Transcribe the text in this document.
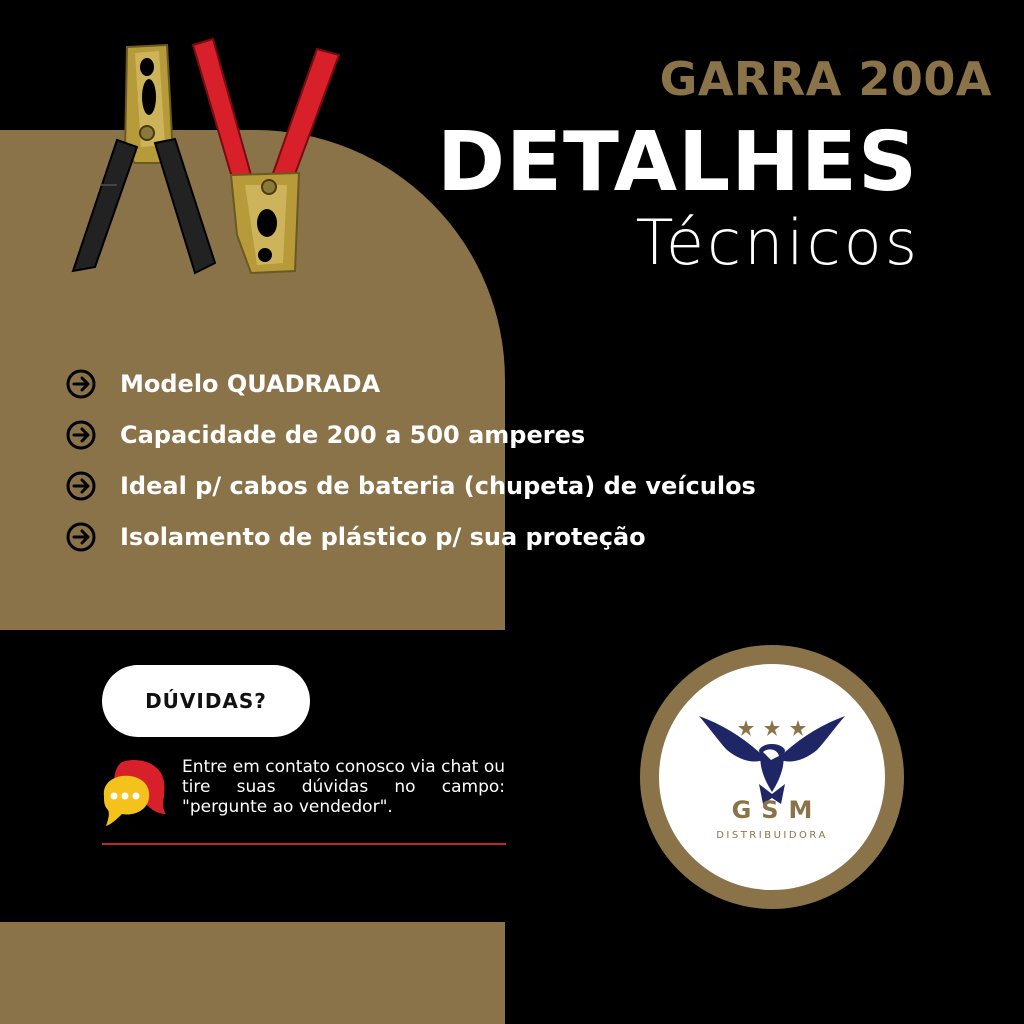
GARRA 200A
DETALHES
Técnicos
Modelo QUADRADA
Capacidade de 200 a 500 amperes
Ideal p/ cabos de bateria (chupeta) de veículos
Isolamento de plástico p/ sua proteção
DÚVIDAS?
Entre em contato conosco via chat ou tire suas dúvidas no campo: "pergunte ao vendedor".	GSM
DISTRIBUIDORA
